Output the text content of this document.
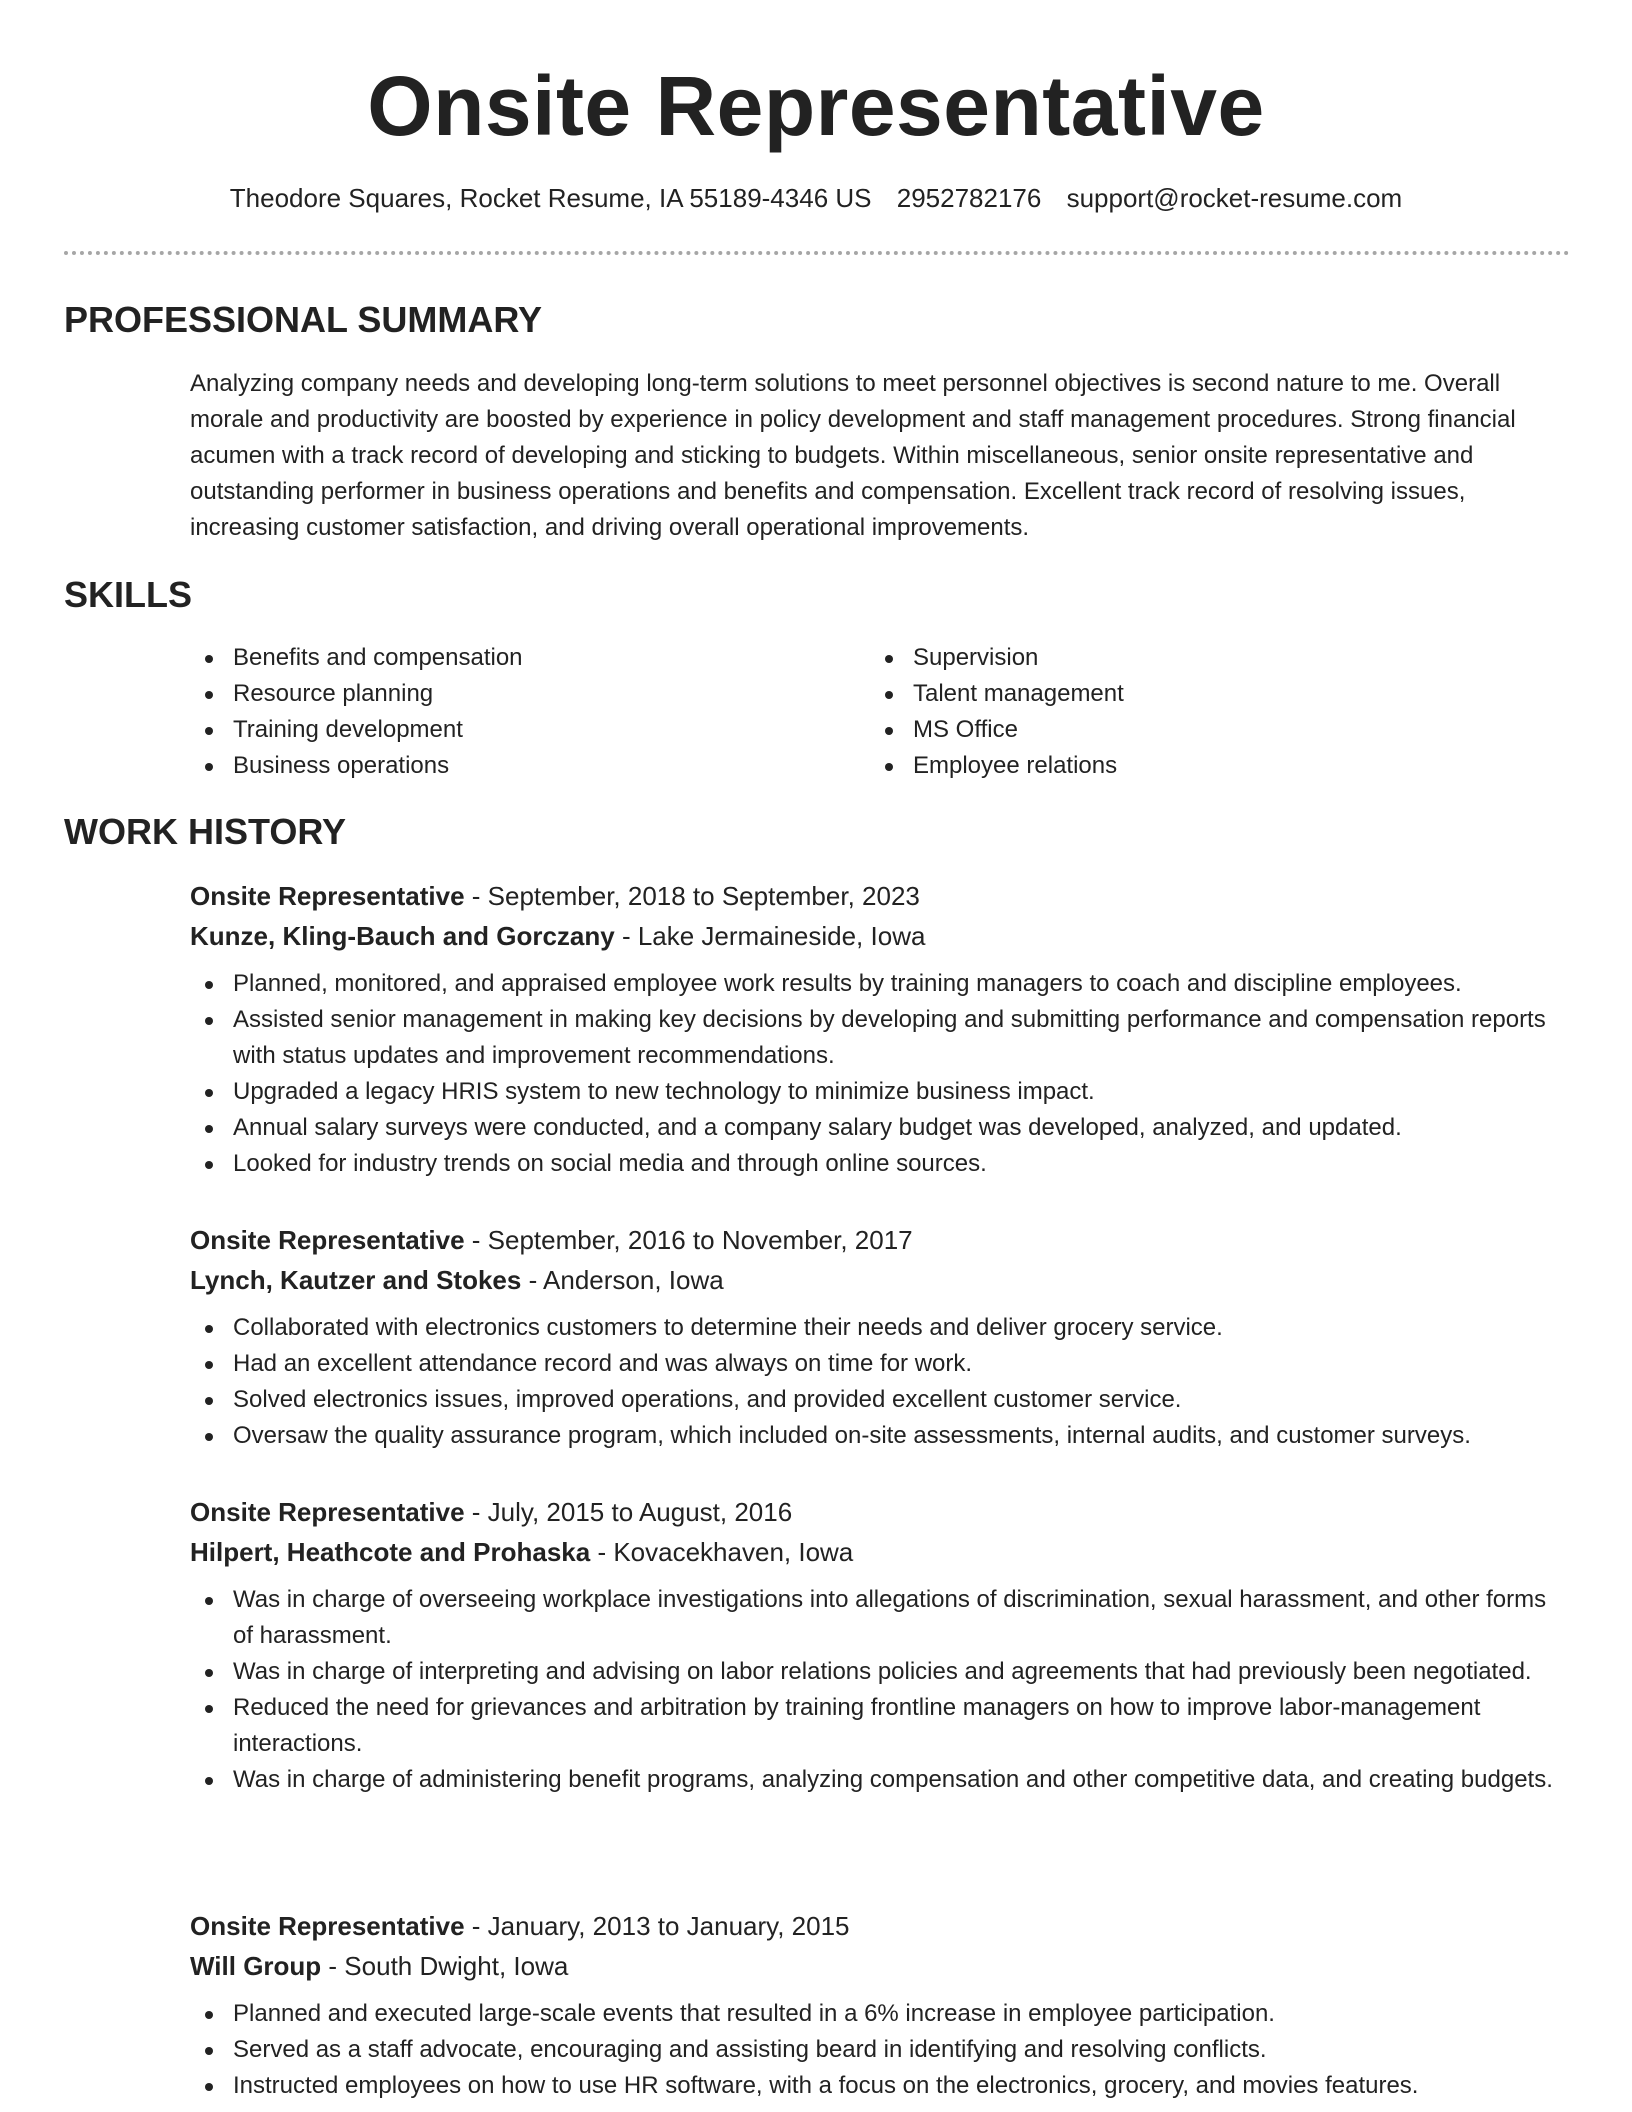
Onsite Representative
Theodore Squares, Rocket Resume, IA 55189-4346 US 2952782176 support@rocket-resume.com
PROFESSIONAL SUMMARY

Analyzing company needs and developing long-term solutions to meet personnel objectives is second nature to me. Overall morale and productivity are boosted by experience in policy development and staff management procedures. Strong financial acumen with a track record of developing and sticking to budgets. Within miscellaneous, senior onsite representative and outstanding performer in business operations and benefits and compensation. Excellent track record of resolving issues, increasing customer satisfaction, and driving overall operational improvements.

SKILLS
Benefits and compensation
Resource planning
Training development
Business operations
Supervision
Talent management
MS Office
Employee relations
WORK HISTORY
Onsite Representative - September, 2018 to September, 2023
Kunze, Kling-Bauch and Gorczany - Lake Jermaineside, Iowa
Planned, monitored, and appraised employee work results by training managers to coach and discipline employees.
Assisted senior management in making key decisions by developing and submitting performance and compensation reports with status updates and improvement recommendations.
Upgraded a legacy HRIS system to new technology to minimize business impact.
Annual salary surveys were conducted, and a company salary budget was developed, analyzed, and updated.
Looked for industry trends on social media and through online sources.
Onsite Representative - September, 2016 to November, 2017
Lynch, Kautzer and Stokes - Anderson, Iowa
Collaborated with electronics customers to determine their needs and deliver grocery service.
Had an excellent attendance record and was always on time for work.
Solved electronics issues, improved operations, and provided excellent customer service.
Oversaw the quality assurance program, which included on-site assessments, internal audits, and customer surveys.
Onsite Representative - July, 2015 to August, 2016
Hilpert, Heathcote and Prohaska - Kovacekhaven, Iowa
Was in charge of overseeing workplace investigations into allegations of discrimination, sexual harassment, and other forms of harassment.
Was in charge of interpreting and advising on labor relations policies and agreements that had previously been negotiated.
Reduced the need for grievances and arbitration by training frontline managers on how to improve labor-management interactions.
Was in charge of administering benefit programs, analyzing compensation and other competitive data, and creating budgets.
Onsite Representative - January, 2013 to January, 2015
Will Group - South Dwight, Iowa
Planned and executed large-scale events that resulted in a 6% increase in employee participation.
Served as a staff advocate, encouraging and assisting beard in identifying and resolving conflicts.
Instructed employees on how to use HR software, with a focus on the electronics, grocery, and movies features.
